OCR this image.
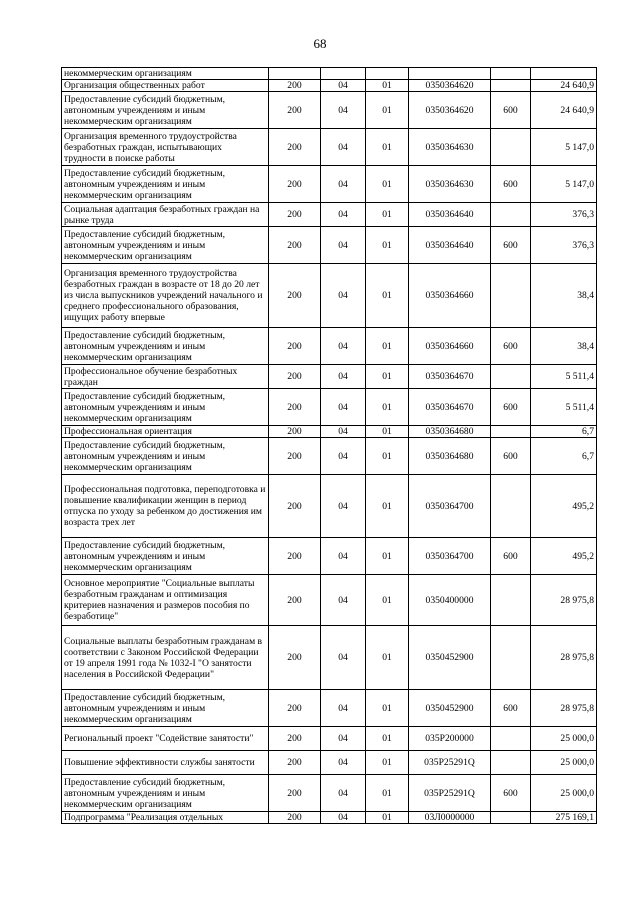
68
некоммерческим организациям						
Организация общественных работ	200	04	01	0350364620		24 640,9
Предоставление субсидий бюджетным, автономным учреждениям и иным некоммерческим организациям	200	04	01	0350364620	600	24 640,9
Организация временного трудоустройства безработных граждан, испытывающих трудности в поиске работы	200	04	01	0350364630		5 147,0
Предоставление субсидий бюджетным, автономным учреждениям и иным некоммерческим организациям	200	04	01	0350364630	600	5 147,0
Социальная адаптация безработных граждан на рынке труда	200	04	01	0350364640		376,3
Предоставление субсидий бюджетным, автономным учреждениям и иным некоммерческим организациям	200	04	01	0350364640	600	376,3
Организация временного трудоустройства безработных граждан в возрасте от 18 до 20 лет из числа выпускников учреждений начального и среднего профессионального образования, ищущих работу впервые	200	04	01	0350364660		38,4
Предоставление субсидий бюджетным, автономным учреждениям и иным некоммерческим организациям	200	04	01	0350364660	600	38,4
Профессиональное обучение безработных граждан	200	04	01	0350364670		5 511,4
Предоставление субсидий бюджетным, автономным учреждениям и иным некоммерческим организациям	200	04	01	0350364670	600	5 511,4
Профессиональная ориентация	200	04	01	0350364680		6,7
Предоставление субсидий бюджетным, автономным учреждениям и иным некоммерческим организациям	200	04	01	0350364680	600	6,7
Профессиональная подготовка, переподготовка и повышение квалификации женщин в период отпуска по уходу за ребенком до достижения им возраста трех лет	200	04	01	0350364700		495,2
Предоставление субсидий бюджетным, автономным учреждениям и иным некоммерческим организациям	200	04	01	0350364700	600	495,2
Основное мероприятие "Социальные выплаты безработным гражданам и оптимизация критериев назначения и размеров пособия по безработице"	200	04	01	0350400000		28 975,8
Социальные выплаты безработным гражданам в соответствии с Законом Российской Федерации от 19 апреля 1991 года № 1032-I "О занятости населения в Российской Федерации"	200	04	01	0350452900		28 975,8
Предоставление субсидий бюджетным, автономным учреждениям и иным некоммерческим организациям	200	04	01	0350452900	600	28 975,8
Региональный проект "Содействие занятости"	200	04	01	035P200000		25 000,0
Повышение эффективности службы занятости	200	04	01	035P25291Q		25 000,0
Предоставление субсидий бюджетным, автономным учреждениям и иным некоммерческим организациям	200	04	01	035P25291Q	600	25 000,0
Подпрограмма "Реализация отдельных	200	04	01	03Л0000000		275 169,1
